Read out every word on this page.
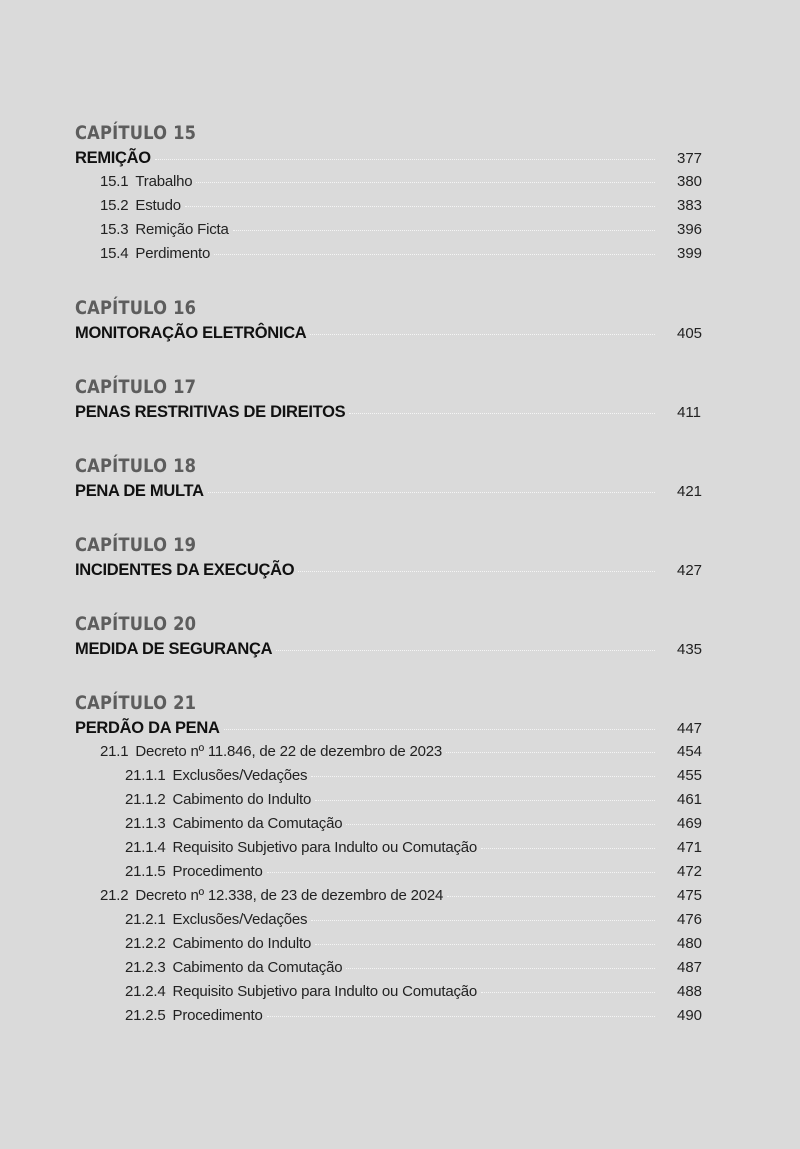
CAPÍTULO 15
REMIÇÃO	377
15.1 Trabalho	380
15.2 Estudo	383
15.3 Remição Ficta	396
15.4 Perdimento	399
CAPÍTULO 16
MONITORAÇÃO ELETRÔNICA	405
CAPÍTULO 17
PENAS RESTRITIVAS DE DIREITOS	411
CAPÍTULO 18
PENA DE MULTA	421
CAPÍTULO 19
INCIDENTES DA EXECUÇÃO	427
CAPÍTULO 20
MEDIDA DE SEGURANÇA	435
CAPÍTULO 21
PERDÃO DA PENA	447
21.1 Decreto nº 11.846, de 22 de dezembro de 2023	454
21.1.1 Exclusões/Vedações	455
21.1.2 Cabimento do Indulto	461
21.1.3 Cabimento da Comutação	469
21.1.4 Requisito Subjetivo para Indulto ou Comutação	471
21.1.5 Procedimento	472
21.2 Decreto nº 12.338, de 23 de dezembro de 2024	475
21.2.1 Exclusões/Vedações	476
21.2.2 Cabimento do Indulto	480
21.2.3 Cabimento da Comutação	487
21.2.4 Requisito Subjetivo para Indulto ou Comutação	488
21.2.5 Procedimento	490
